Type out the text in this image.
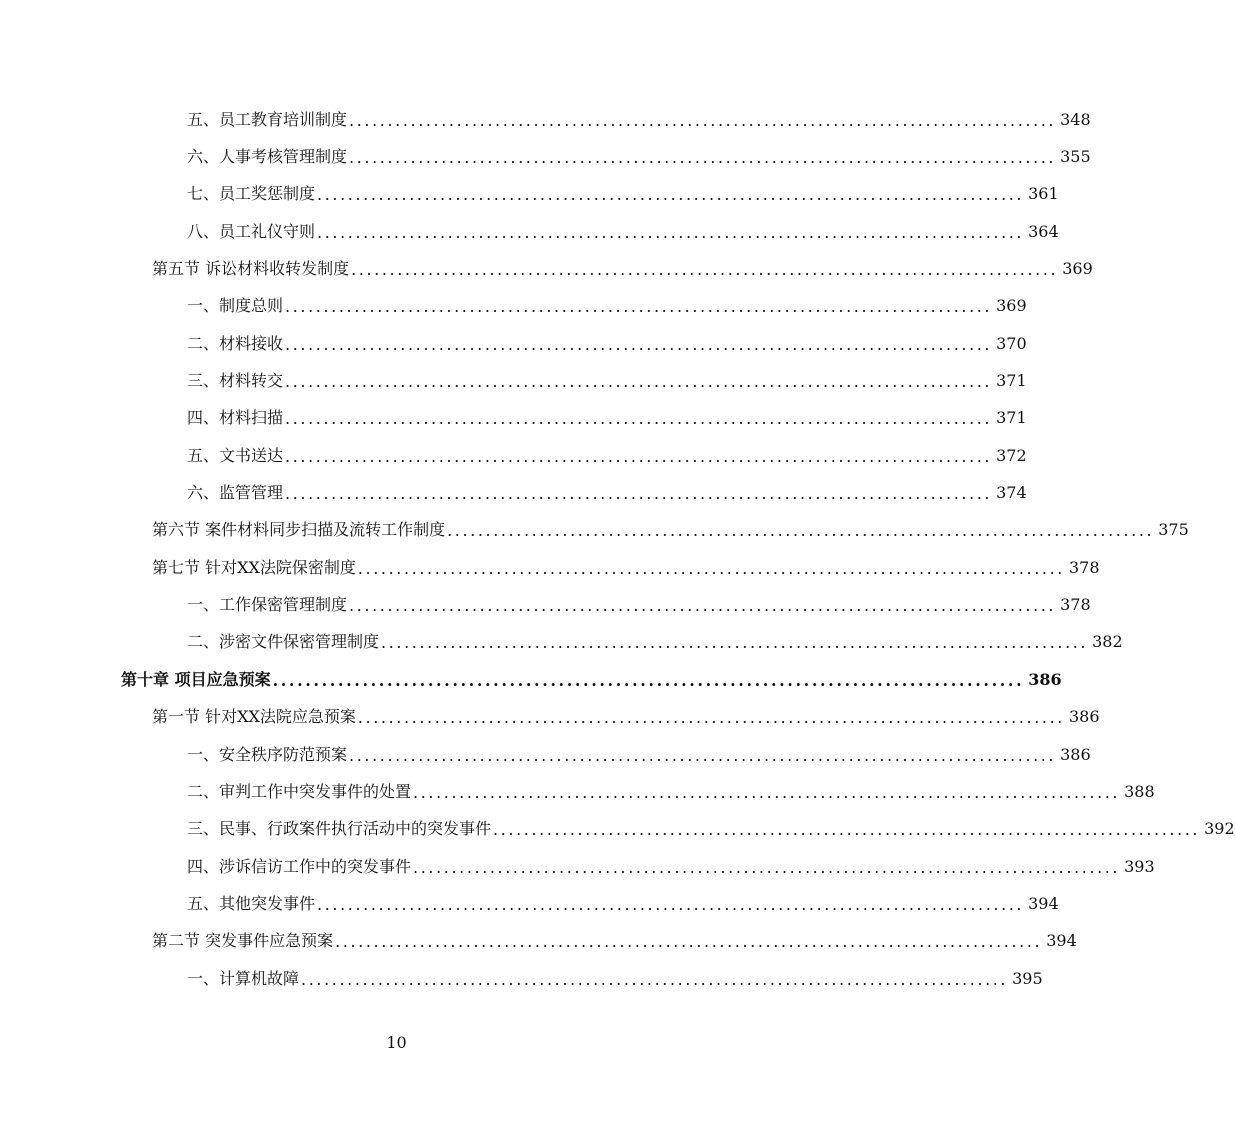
五、员工教育培训制度 ............................................................................................ 348
六、人事考核管理制度 ............................................................................................ 355
七、员工奖惩制度 ............................................................................................ 361
八、员工礼仪守则 ............................................................................................ 364
第五节 诉讼材料收转发制度 ............................................................................................ 369
一、制度总则 ............................................................................................ 369
二、材料接收 ............................................................................................ 370
三、材料转交 ............................................................................................ 371
四、材料扫描 ............................................................................................ 371
五、文书送达 ............................................................................................ 372
六、监管管理 ............................................................................................ 374
第六节 案件材料同步扫描及流转工作制度 ............................................................................................ 375
第七节 针对XX法院保密制度 ............................................................................................ 378
一、工作保密管理制度 ............................................................................................ 378
二、涉密文件保密管理制度 ............................................................................................ 382
第十章 项目应急预案 ............................................................................................ 386
第一节 针对XX法院应急预案 ............................................................................................ 386
一、安全秩序防范预案 ............................................................................................ 386
二、审判工作中突发事件的处置 ............................................................................................ 388
三、民事、行政案件执行活动中的突发事件 ............................................................................................ 392
四、涉诉信访工作中的突发事件 ............................................................................................ 393
五、其他突发事件 ............................................................................................ 394
第二节 突发事件应急预案 ............................................................................................ 394
一、计算机故障 ............................................................................................ 395
10
